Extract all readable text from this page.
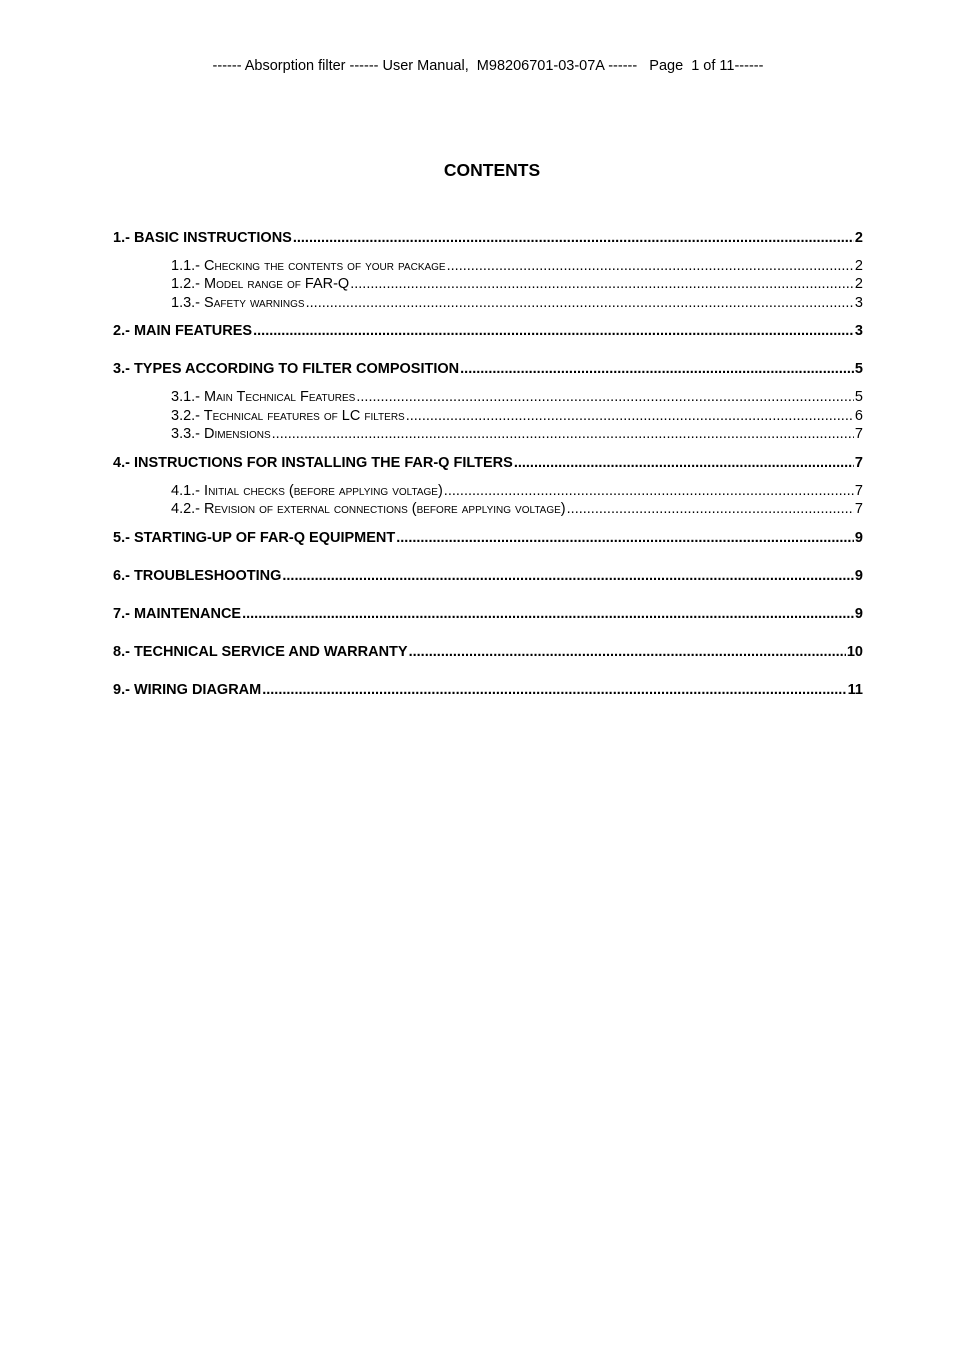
------ Absorption filter ------ User Manual,  M98206701-03-07A ------   Page  1 of 11------
CONTENTS
1.- BASIC INSTRUCTIONS .....	2
1.1.- Checking the contents of your package .....	2
1.2.- Model range of FAR-Q .....	2
1.3.- Safety warnings .....	3
2.- MAIN FEATURES .....	3
3.- TYPES ACCORDING TO FILTER COMPOSITION .....	5
3.1.- Main Technical Features .....	5
3.2.- Technical features of LC filters .....	6
3.3.- Dimensions .....	7
4.- INSTRUCTIONS FOR INSTALLING THE FAR-Q FILTERS .....	7
4.1.- Initial checks (before applying voltage) .....	7
4.2.- Revision of external connections (before applying voltage) .....	7
5.- STARTING-UP OF FAR-Q EQUIPMENT .....	9
6.- TROUBLESHOOTING .....	9
7.- MAINTENANCE .....	9
8.- TECHNICAL SERVICE AND WARRANTY .....	10
9.- WIRING DIAGRAM .....	11
